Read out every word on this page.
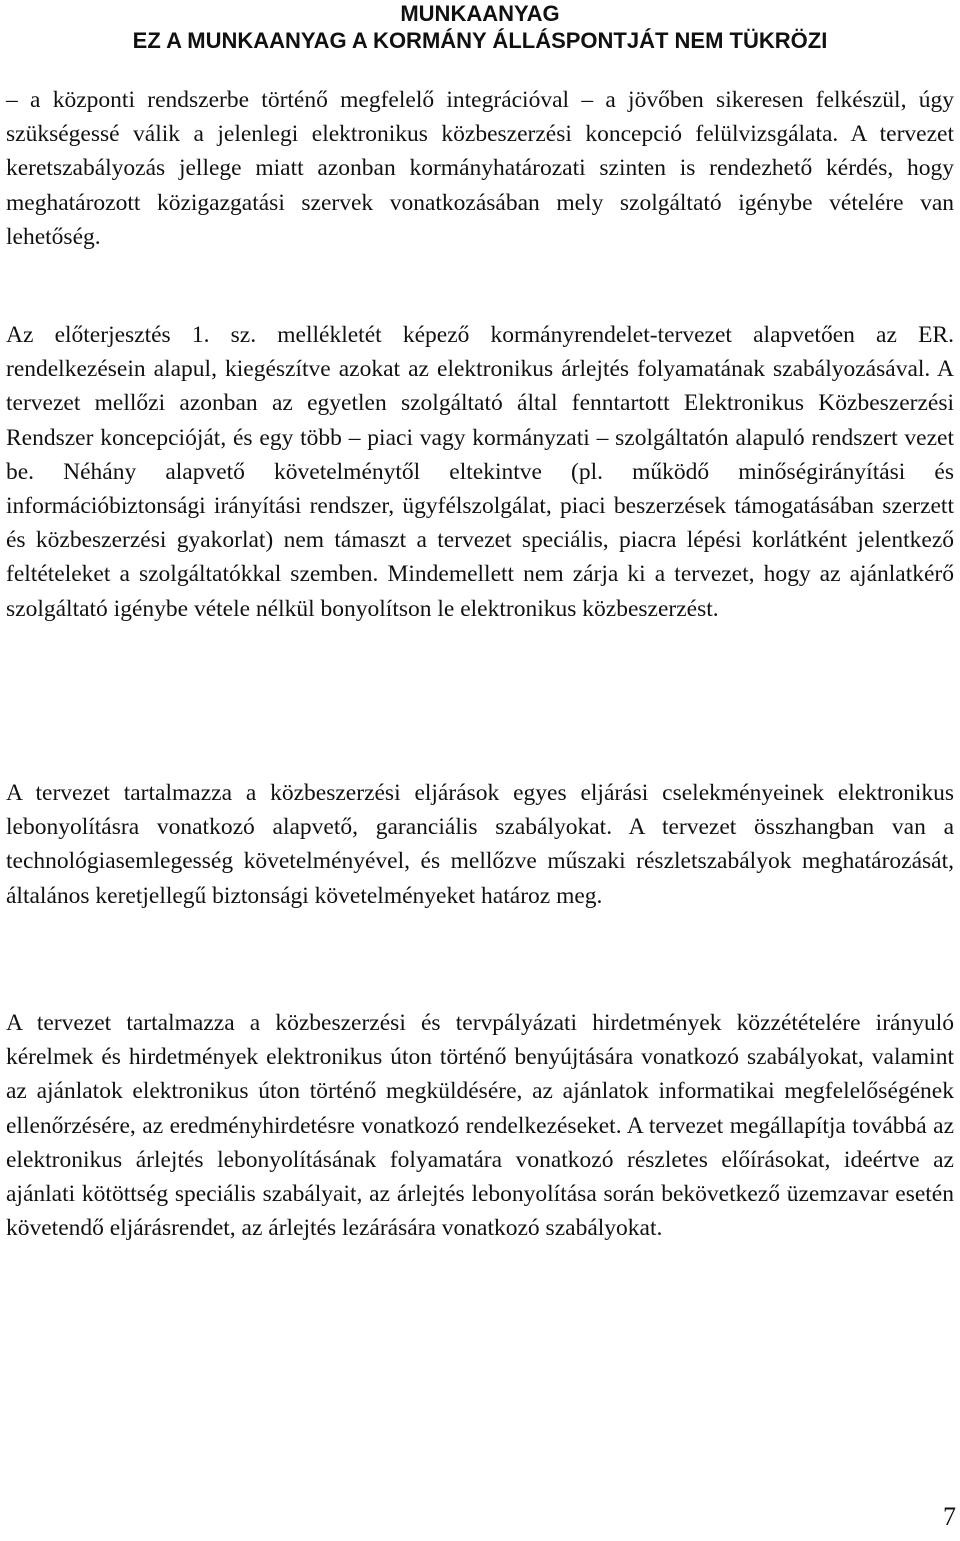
MUNKAANYAG
EZ A MUNKAANYAG A KORMÁNY ÁLLÁSPONTJÁT NEM TÜKRÖZI

– a központi rendszerbe történő megfelelő integrációval – a jövőben sikeresen felkészül, úgy szükségessé válik a jelenlegi elektronikus közbeszerzési koncepció felülvizsgálata. A tervezet keretszabályozás jellege miatt azonban kormányhatározati szinten is rendezhető kérdés, hogy meghatározott közigazgatási szervek vonatkozásában mely szolgáltató igénybe vételére van lehetőség.

Az előterjesztés 1. sz. mellékletét képező kormányrendelet-tervezet alapvetően az ER. rendelkezésein alapul, kiegészítve azokat az elektronikus árlejtés folyamatának szabályozásával. A tervezet mellőzi azonban az egyetlen szolgáltató által fenntartott Elektronikus Közbeszerzési Rendszer koncepcióját, és egy több – piaci vagy kormányzati – szolgáltatón alapuló rendszert vezet be. Néhány alapvető követelménytől eltekintve (pl. működő minőségirányítási és információbiztonsági irányítási rendszer, ügyfélszolgálat, piaci beszerzések támogatásában szerzett és közbeszerzési gyakorlat) nem támaszt a tervezet speciális, piacra lépési korlátként jelentkező feltételeket a szolgáltatókkal szemben. Mindemellett nem zárja ki a tervezet, hogy az ajánlatkérő szolgáltató igénybe vétele nélkül bonyolítson le elektronikus közbeszerzést.

A tervezet tartalmazza a közbeszerzési eljárások egyes eljárási cselekményeinek elektronikus lebonyolításra vonatkozó alapvető, garanciális szabályokat. A tervezet összhangban van a technológiasemlegesség követelményével, és mellőzve műszaki részletszabályok meghatározását, általános keretjellegű biztonsági követelményeket határoz meg.

A tervezet tartalmazza a közbeszerzési és tervpályázati hirdetmények közzétételére irányuló kérelmek és hirdetmények elektronikus úton történő benyújtására vonatkozó szabályokat, valamint az ajánlatok elektronikus úton történő megküldésére, az ajánlatok informatikai megfelelőségének ellenőrzésére, az eredményhirdetésre vonatkozó rendelkezéseket. A tervezet megállapítja továbbá az elektronikus árlejtés lebonyolításának folyamatára vonatkozó részletes előírásokat, ideértve az ajánlati kötöttség speciális szabályait, az árlejtés lebonyolítása során bekövetkező üzemzavar esetén követendő eljárásrendet, az árlejtés lezárására vonatkozó szabályokat.

7
